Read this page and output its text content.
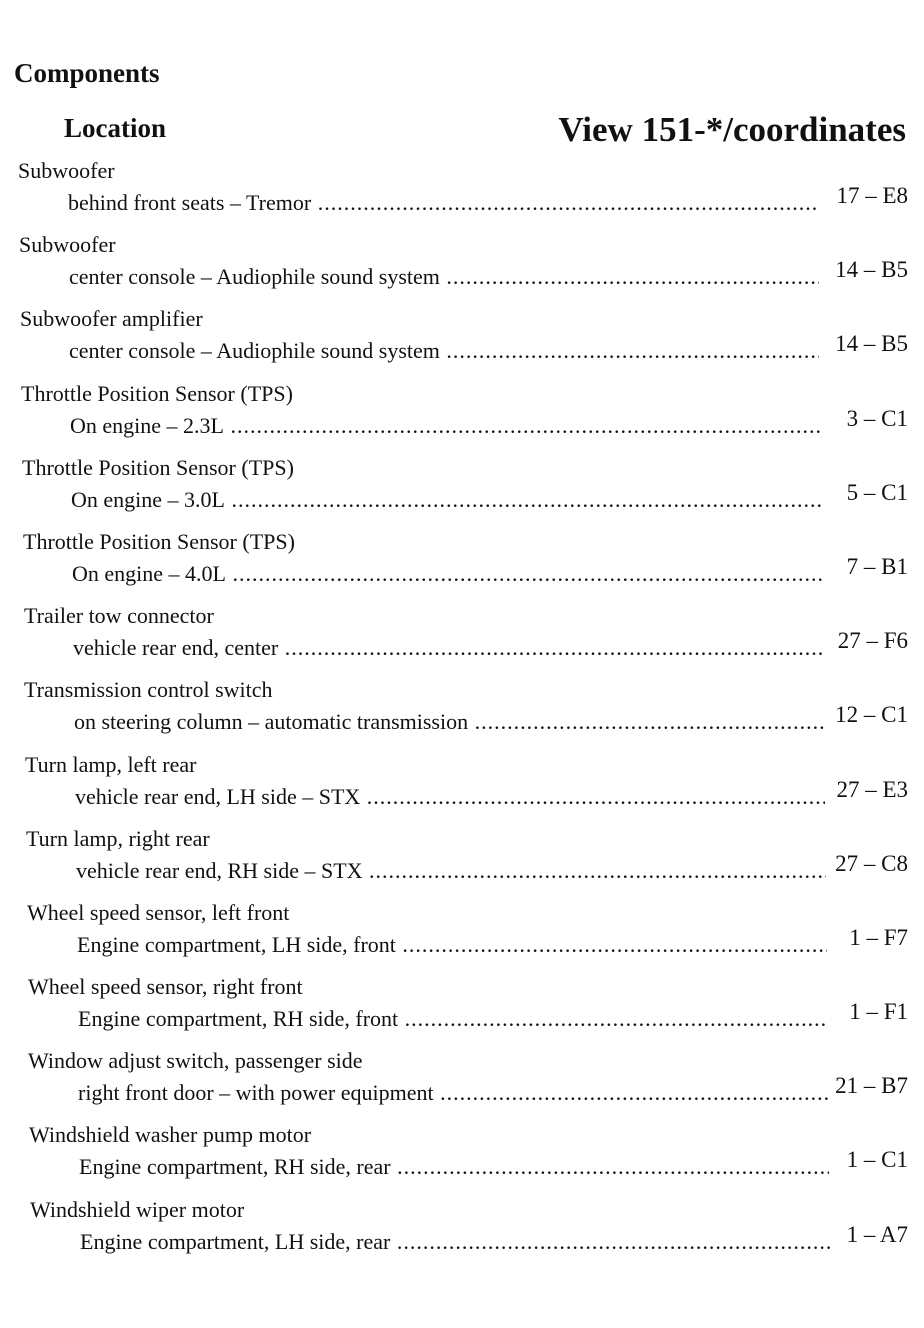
Components
Location	View 151-*/coordinates
Subwoofer
behind front seats – Tremor .....	17 – E8
Subwoofer
center console – Audiophile sound system .....	14 – B5
Subwoofer amplifier
center console – Audiophile sound system .....	14 – B5
Throttle Position Sensor (TPS)
On engine – 2.3L .....	3 – C1
Throttle Position Sensor (TPS)
On engine – 3.0L .....	5 – C1
Throttle Position Sensor (TPS)
On engine – 4.0L .....	7 – B1
Trailer tow connector
vehicle rear end, center .....	27 – F6
Transmission control switch
on steering column – automatic transmission .....	12 – C1
Turn lamp, left rear
vehicle rear end, LH side – STX .....	27 – E3
Turn lamp, right rear
vehicle rear end, RH side – STX .....	27 – C8
Wheel speed sensor, left front
Engine compartment, LH side, front .....	1 – F7
Wheel speed sensor, right front
Engine compartment, RH side, front .....	1 – F1
Window adjust switch, passenger side
right front door – with power equipment .....	21 – B7
Windshield washer pump motor
Engine compartment, RH side, rear .....	1 – C1
Windshield wiper motor
Engine compartment, LH side, rear .....	1 – A7
